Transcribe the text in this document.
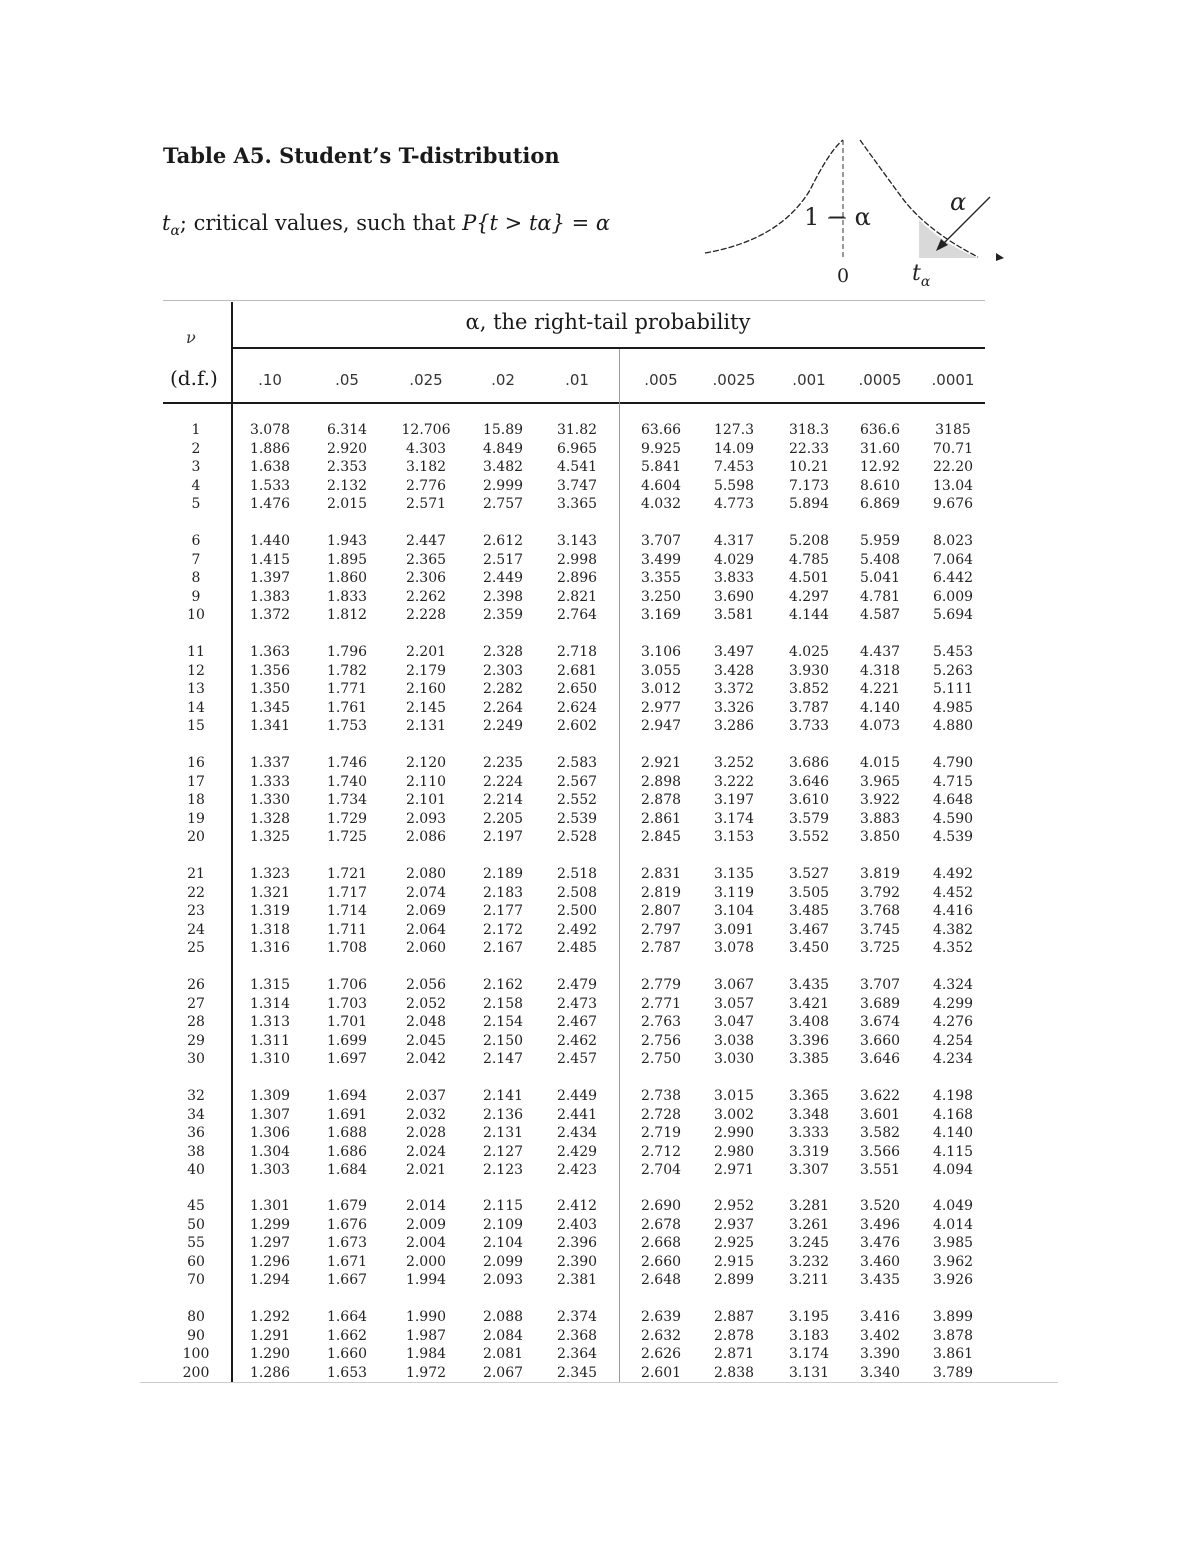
Table A5. Student’s T-distribution
$t_\alpha$; critical values, such that P{t > tα} = α	1 − α
α
0	$t_\alpha$
ν
α, the right-tail probability
(d.f.)	.10	.05	.025	.02	.01	.005	.0025	.001	.0005	.0001
1	3.078	6.314	12.706	15.89	31.82	63.66	127.3	318.3	636.6	3185
2	1.886	2.920	4.303	4.849	6.965	9.925	14.09	22.33	31.60	70.71
3	1.638	2.353	3.182	3.482	4.541	5.841	7.453	10.21	12.92	22.20
4	1.533	2.132	2.776	2.999	3.747	4.604	5.598	7.173	8.610	13.04
5	1.476	2.015	2.571	2.757	3.365	4.032	4.773	5.894	6.869	9.676
6	1.440	1.943	2.447	2.612	3.143	3.707	4.317	5.208	5.959	8.023
7	1.415	1.895	2.365	2.517	2.998	3.499	4.029	4.785	5.408	7.064
8	1.397	1.860	2.306	2.449	2.896	3.355	3.833	4.501	5.041	6.442
9	1.383	1.833	2.262	2.398	2.821	3.250	3.690	4.297	4.781	6.009
10	1.372	1.812	2.228	2.359	2.764	3.169	3.581	4.144	4.587	5.694
11	1.363	1.796	2.201	2.328	2.718	3.106	3.497	4.025	4.437	5.453
12	1.356	1.782	2.179	2.303	2.681	3.055	3.428	3.930	4.318	5.263
13	1.350	1.771	2.160	2.282	2.650	3.012	3.372	3.852	4.221	5.111
14	1.345	1.761	2.145	2.264	2.624	2.977	3.326	3.787	4.140	4.985
15	1.341	1.753	2.131	2.249	2.602	2.947	3.286	3.733	4.073	4.880
16	1.337	1.746	2.120	2.235	2.583	2.921	3.252	3.686	4.015	4.790
17	1.333	1.740	2.110	2.224	2.567	2.898	3.222	3.646	3.965	4.715
18	1.330	1.734	2.101	2.214	2.552	2.878	3.197	3.610	3.922	4.648
19	1.328	1.729	2.093	2.205	2.539	2.861	3.174	3.579	3.883	4.590
20	1.325	1.725	2.086	2.197	2.528	2.845	3.153	3.552	3.850	4.539
21	1.323	1.721	2.080	2.189	2.518	2.831	3.135	3.527	3.819	4.492
22	1.321	1.717	2.074	2.183	2.508	2.819	3.119	3.505	3.792	4.452
23	1.319	1.714	2.069	2.177	2.500	2.807	3.104	3.485	3.768	4.416
24	1.318	1.711	2.064	2.172	2.492	2.797	3.091	3.467	3.745	4.382
25	1.316	1.708	2.060	2.167	2.485	2.787	3.078	3.450	3.725	4.352
26	1.315	1.706	2.056	2.162	2.479	2.779	3.067	3.435	3.707	4.324
27	1.314	1.703	2.052	2.158	2.473	2.771	3.057	3.421	3.689	4.299
28	1.313	1.701	2.048	2.154	2.467	2.763	3.047	3.408	3.674	4.276
29	1.311	1.699	2.045	2.150	2.462	2.756	3.038	3.396	3.660	4.254
30	1.310	1.697	2.042	2.147	2.457	2.750	3.030	3.385	3.646	4.234
32	1.309	1.694	2.037	2.141	2.449	2.738	3.015	3.365	3.622	4.198
34	1.307	1.691	2.032	2.136	2.441	2.728	3.002	3.348	3.601	4.168
36	1.306	1.688	2.028	2.131	2.434	2.719	2.990	3.333	3.582	4.140
38	1.304	1.686	2.024	2.127	2.429	2.712	2.980	3.319	3.566	4.115
40	1.303	1.684	2.021	2.123	2.423	2.704	2.971	3.307	3.551	4.094
45	1.301	1.679	2.014	2.115	2.412	2.690	2.952	3.281	3.520	4.049
50	1.299	1.676	2.009	2.109	2.403	2.678	2.937	3.261	3.496	4.014
55	1.297	1.673	2.004	2.104	2.396	2.668	2.925	3.245	3.476	3.985
60	1.296	1.671	2.000	2.099	2.390	2.660	2.915	3.232	3.460	3.962
70	1.294	1.667	1.994	2.093	2.381	2.648	2.899	3.211	3.435	3.926
80	1.292	1.664	1.990	2.088	2.374	2.639	2.887	3.195	3.416	3.899
90	1.291	1.662	1.987	2.084	2.368	2.632	2.878	3.183	3.402	3.878
100	1.290	1.660	1.984	2.081	2.364	2.626	2.871	3.174	3.390	3.861
200	1.286	1.653	1.972	2.067	2.345	2.601	2.838	3.131	3.340	3.789
